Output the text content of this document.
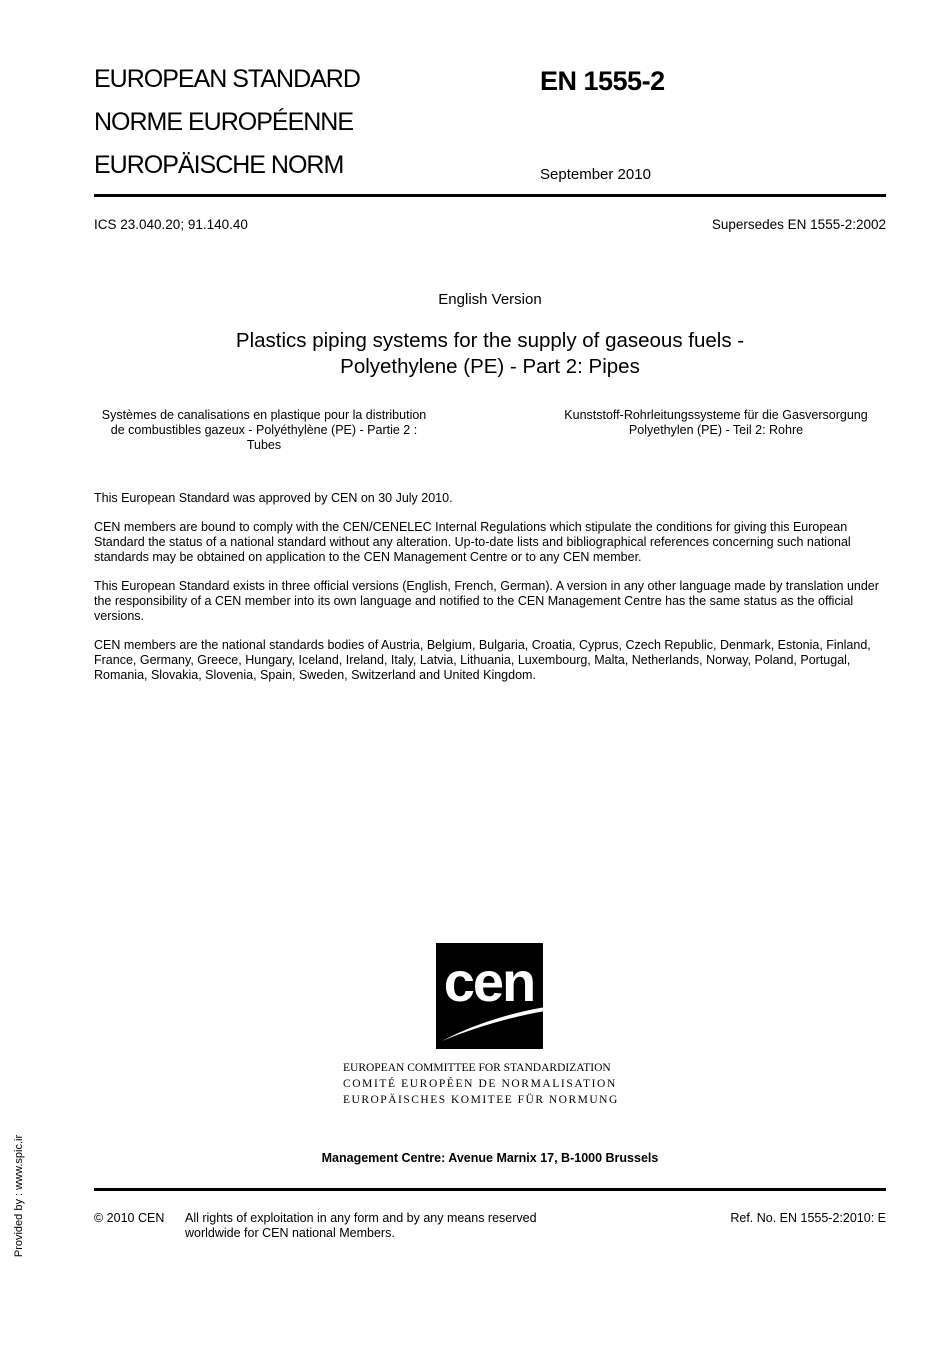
EUROPEAN STANDARD
NORME EUROPÉENNE
EUROPÄISCHE NORM
EN 1555-2
September 2010
ICS 23.040.20; 91.140.40	Supersedes EN 1555-2:2002
English Version
Plastics piping systems for the supply of gaseous fuels -
Polyethylene (PE) - Part 2: Pipes
Systèmes de canalisations en plastique pour la distribution
de combustibles gazeux - Polyéthylène (PE) - Partie 2 :
Tubes
Kunststoff-Rohrleitungssysteme für die Gasversorgung
Polyethylen (PE) - Teil 2: Rohre

This European Standard was approved by CEN on 30 July 2010.

CEN members are bound to comply with the CEN/CENELEC Internal Regulations which stipulate the conditions for giving this European Standard the status of a national standard without any alteration. Up-to-date lists and bibliographical references concerning such national standards may be obtained on application to the CEN Management Centre or to any CEN member.

This European Standard exists in three official versions (English, French, German). A version in any other language made by translation under the responsibility of a CEN member into its own language and notified to the CEN Management Centre has the same status as the official versions.

CEN members are the national standards bodies of Austria, Belgium, Bulgaria, Croatia, Cyprus, Czech Republic, Denmark, Estonia, Finland, France, Germany, Greece, Hungary, Iceland, Ireland, Italy, Latvia, Lithuania, Luxembourg, Malta, Netherlands, Norway, Poland, Portugal, Romania, Slovakia, Slovenia, Spain, Sweden, Switzerland and United Kingdom.

cen
EUROPEAN COMMITTEE FOR STANDARDIZATION
COMITÉ EUROPÉEN DE NORMALISATION
EUROPÄISCHES KOMITEE FÜR NORMUNG
Management Centre: Avenue Marnix 17, B-1000 Brussels
© 2010 CEN All rights of exploitation in any form and by any means reserved
worldwide for CEN national Members.
Ref. No. EN 1555-2:2010: E
Provided by : www.spic.ir
